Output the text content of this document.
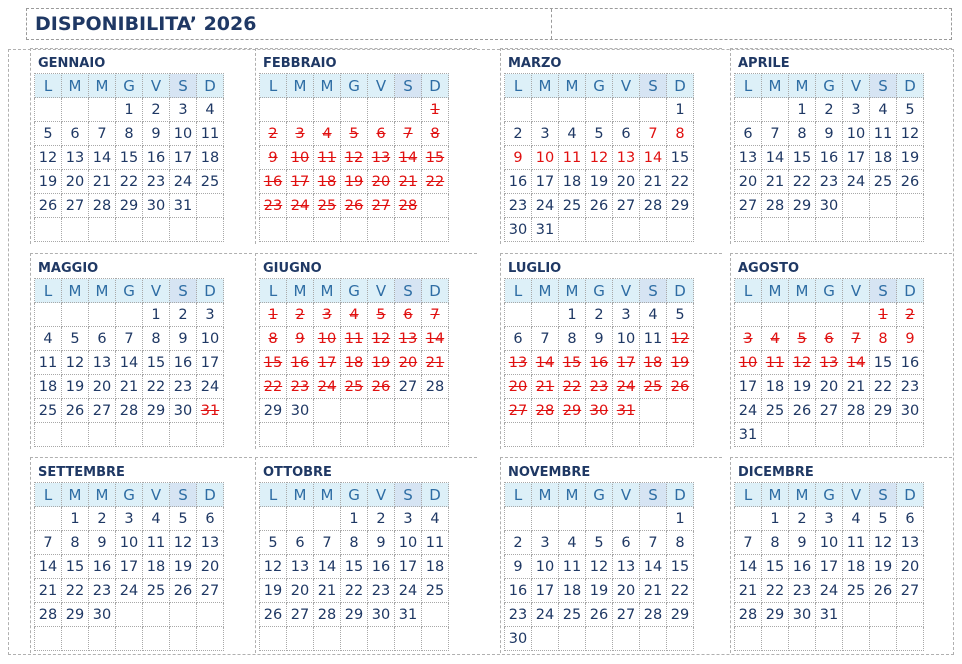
DISPONIBILITA’ 2026
GENNAIO
L	M	M	G	V	S	D
			1	2	3	4
5	6	7	8	9	10	11
12	13	14	15	16	17	18
19	20	21	22	23	24	25
26	27	28	29	30	31	

FEBBRAIO
L	M	M	G	V	S	D
						1
2	3	4	5	6	7	8
9	10	11	12	13	14	15
16	17	18	19	20	21	22
23	24	25	26	27	28	

MARZO
L	M	M	G	V	S	D
						1
2	3	4	5	6	7	8
9	10	11	12	13	14	15
16	17	18	19	20	21	22
23	24	25	26	27	28	29
30	31					
APRILE
L	M	M	G	V	S	D
		1	2	3	4	5
6	7	8	9	10	11	12
13	14	15	16	17	18	19
20	21	22	23	24	25	26
27	28	29	30			

MAGGIO
L	M	M	G	V	S	D
				1	2	3
4	5	6	7	8	9	10
11	12	13	14	15	16	17
18	19	20	21	22	23	24
25	26	27	28	29	30	31

GIUGNO
L	M	M	G	V	S	D
1	2	3	4	5	6	7
8	9	10	11	12	13	14
15	16	17	18	19	20	21
22	23	24	25	26	27	28
29	30					

LUGLIO
L	M	M	G	V	S	D
		1	2	3	4	5
6	7	8	9	10	11	12
13	14	15	16	17	18	19
20	21	22	23	24	25	26
27	28	29	30	31		

AGOSTO
L	M	M	G	V	S	D
					1	2
3	4	5	6	7	8	9
10	11	12	13	14	15	16
17	18	19	20	21	22	23
24	25	26	27	28	29	30
31						
SETTEMBRE
L	M	M	G	V	S	D
	1	2	3	4	5	6
7	8	9	10	11	12	13
14	15	16	17	18	19	20
21	22	23	24	25	26	27
28	29	30				

OTTOBRE
L	M	M	G	V	S	D
			1	2	3	4
5	6	7	8	9	10	11
12	13	14	15	16	17	18
19	20	21	22	23	24	25
26	27	28	29	30	31	

NOVEMBRE
L	M	M	G	V	S	D
						1
2	3	4	5	6	7	8
9	10	11	12	13	14	15
16	17	18	19	20	21	22
23	24	25	26	27	28	29
30						
DICEMBRE
L	M	M	G	V	S	D
	1	2	3	4	5	6
7	8	9	10	11	12	13
14	15	16	17	18	19	20
21	22	23	24	25	26	27
28	29	30	31			
